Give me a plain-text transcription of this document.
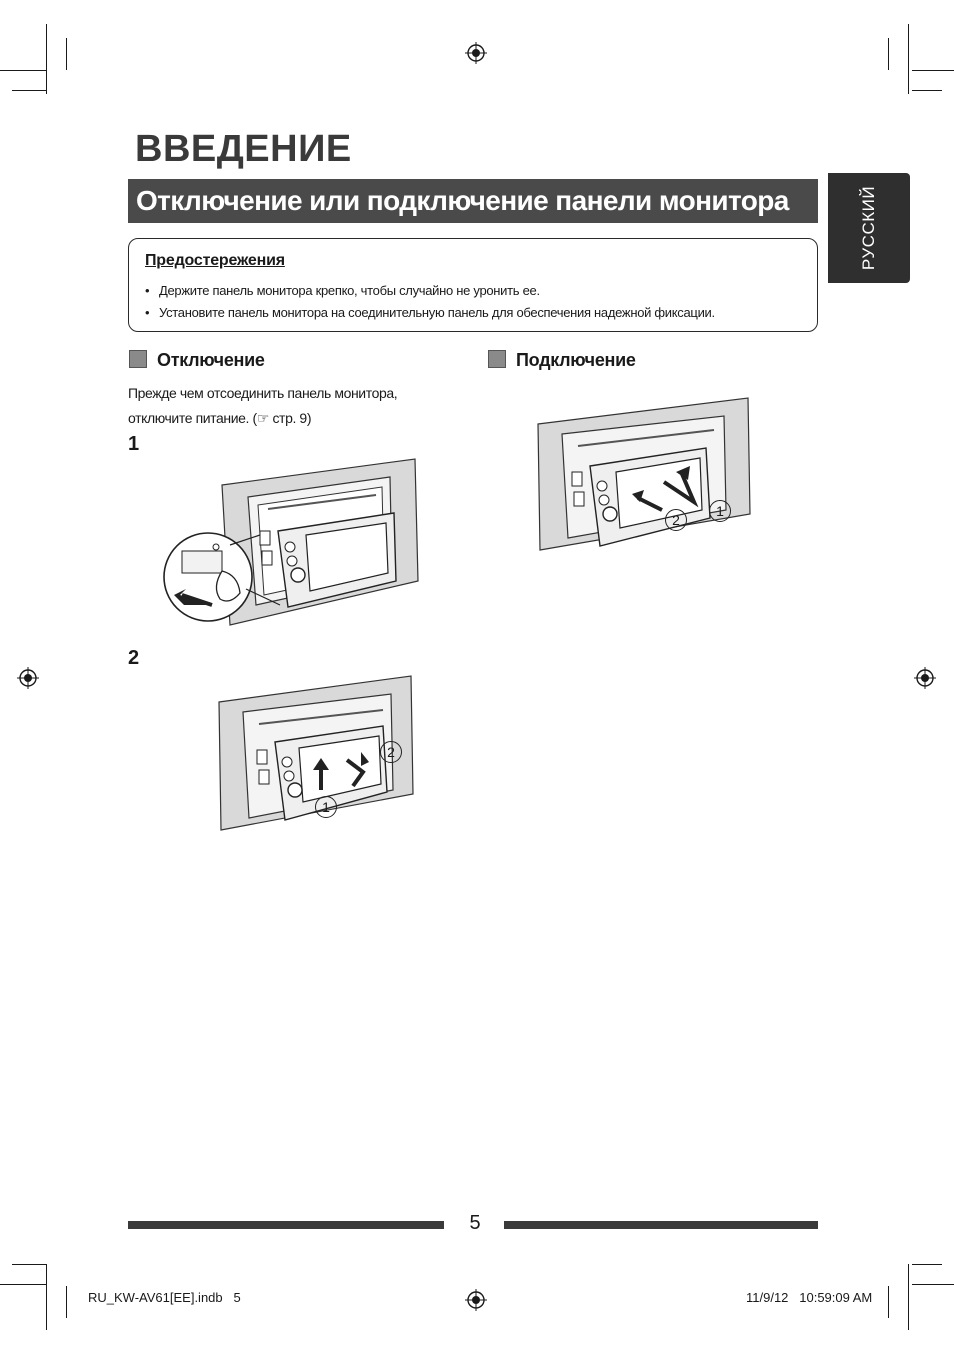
ВВЕДЕНИЕ
Отключение или подключение панели монитора	РУССКИЙ
Предостережения
• Держите панель монитора крепко, чтобы случайно не уронить ее.
• Установите панель монитора на соединительную панель для обеспечения надежной фиксации.
Отключение
Прежде чем отсоединить панель монитора,
отключите питание. (☞ стр. 9)
1
2
Подключение
2
1
2
1
5
RU_KW-AV61[EE].indb   5	11/9/12   10:59:09 AM
